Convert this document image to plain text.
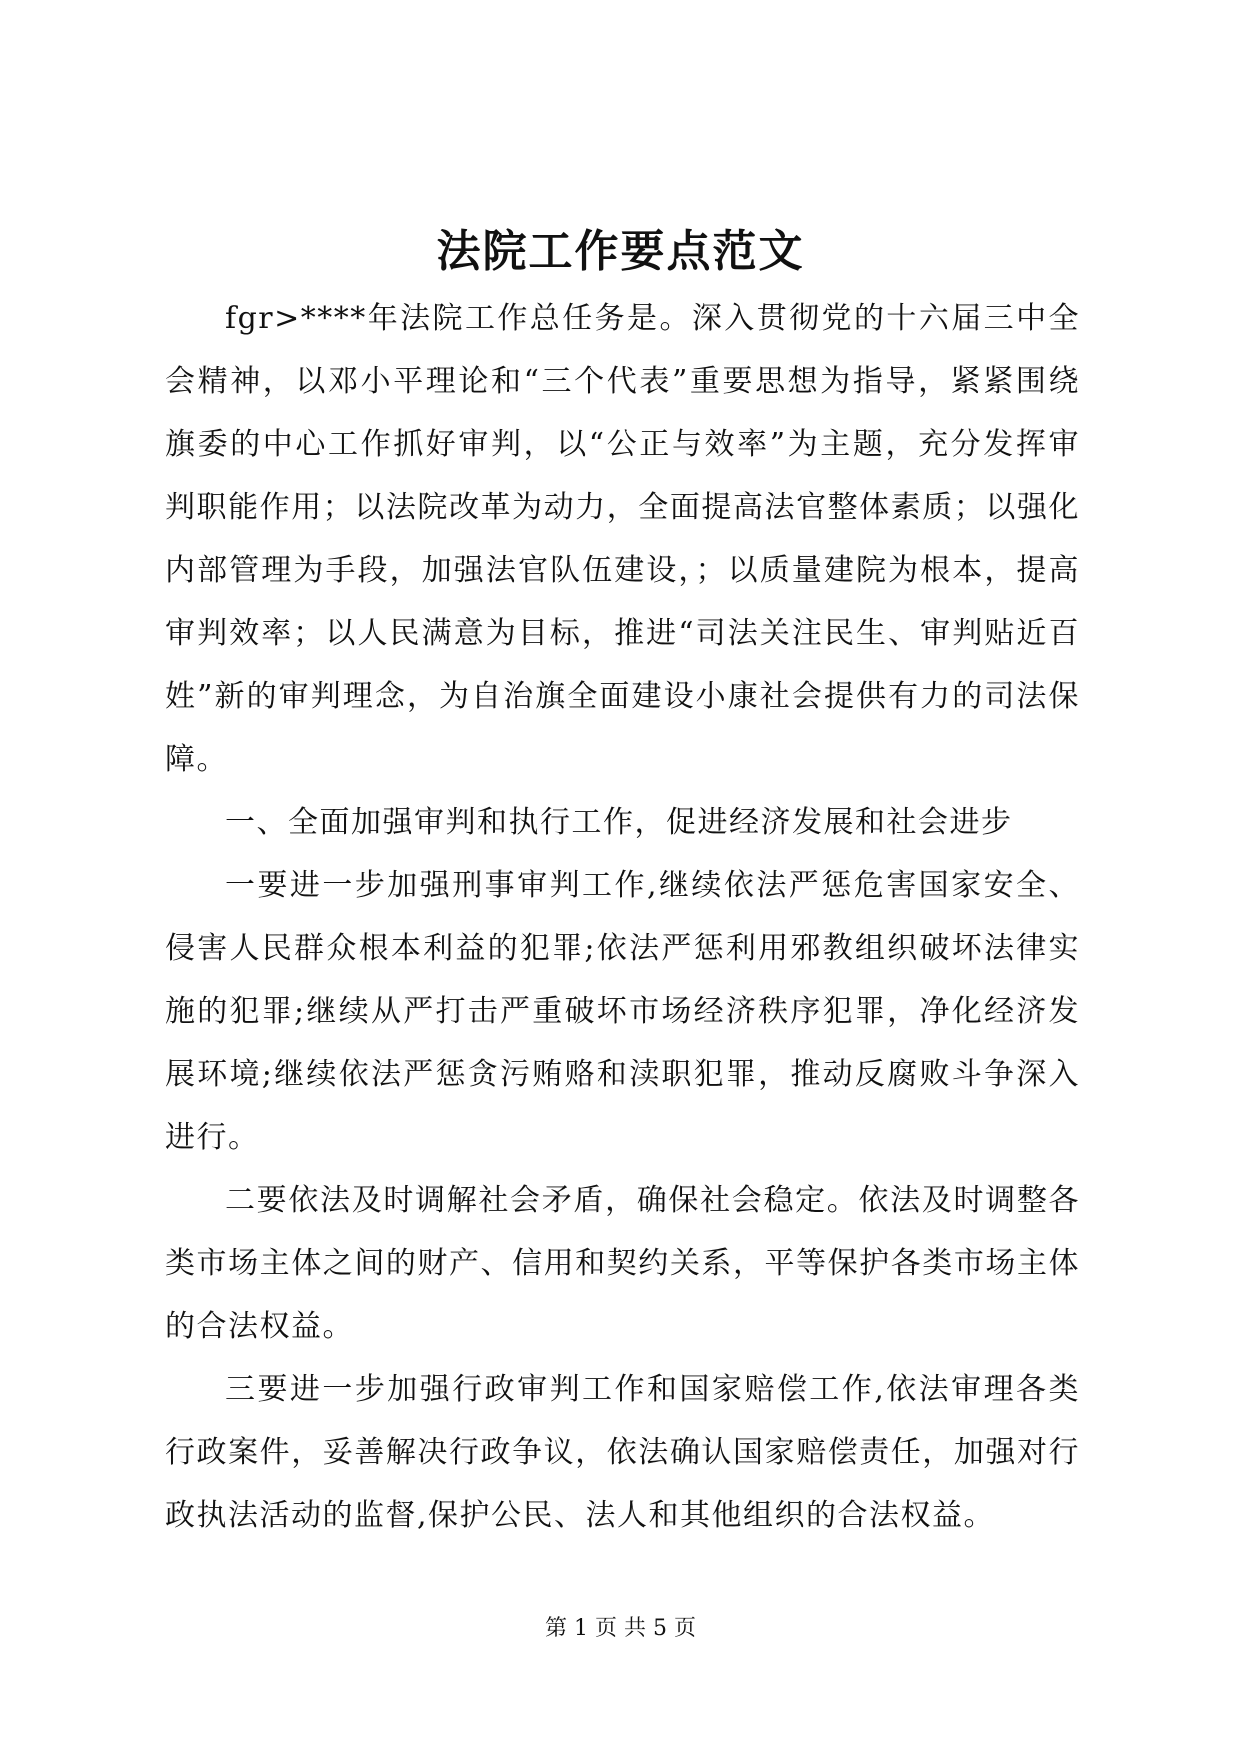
法院工作要点范文

fgr>****年法院工作总任务是。深入贯彻党的十六届三中全会精神，以邓小平理论和“三个代表”重要思想为指导，紧紧围绕旗委的中心工作抓好审判，以“公正与效率”为主题，充分发挥审判职能作用；以法院改革为动力，全面提高法官整体素质；以强化内部管理为手段，加强法官队伍建设，；以质量建院为根本，提高审判效率；以人民满意为目标，推进“司法关注民生、审判贴近百姓”新的审判理念，为自治旗全面建设小康社会提供有力的司法保障。

一、全面加强审判和执行工作，促进经济发展和社会进步

一要进一步加强刑事审判工作,继续依法严惩危害国家安全、侵害人民群众根本利益的犯罪;依法严惩利用邪教组织破坏法律实施的犯罪;继续从严打击严重破坏市场经济秩序犯罪，净化经济发展环境;继续依法严惩贪污贿赂和渎职犯罪，推动反腐败斗争深入进行。

二要依法及时调解社会矛盾，确保社会稳定。依法及时调整各类市场主体之间的财产、信用和契约关系，平等保护各类市场主体的合法权益。

三要进一步加强行政审判工作和国家赔偿工作,依法审理各类行政案件，妥善解决行政争议，依法确认国家赔偿责任，加强对行政执法活动的监督,保护公民、法人和其他组织的合法权益。

第 1 页 共 5 页
